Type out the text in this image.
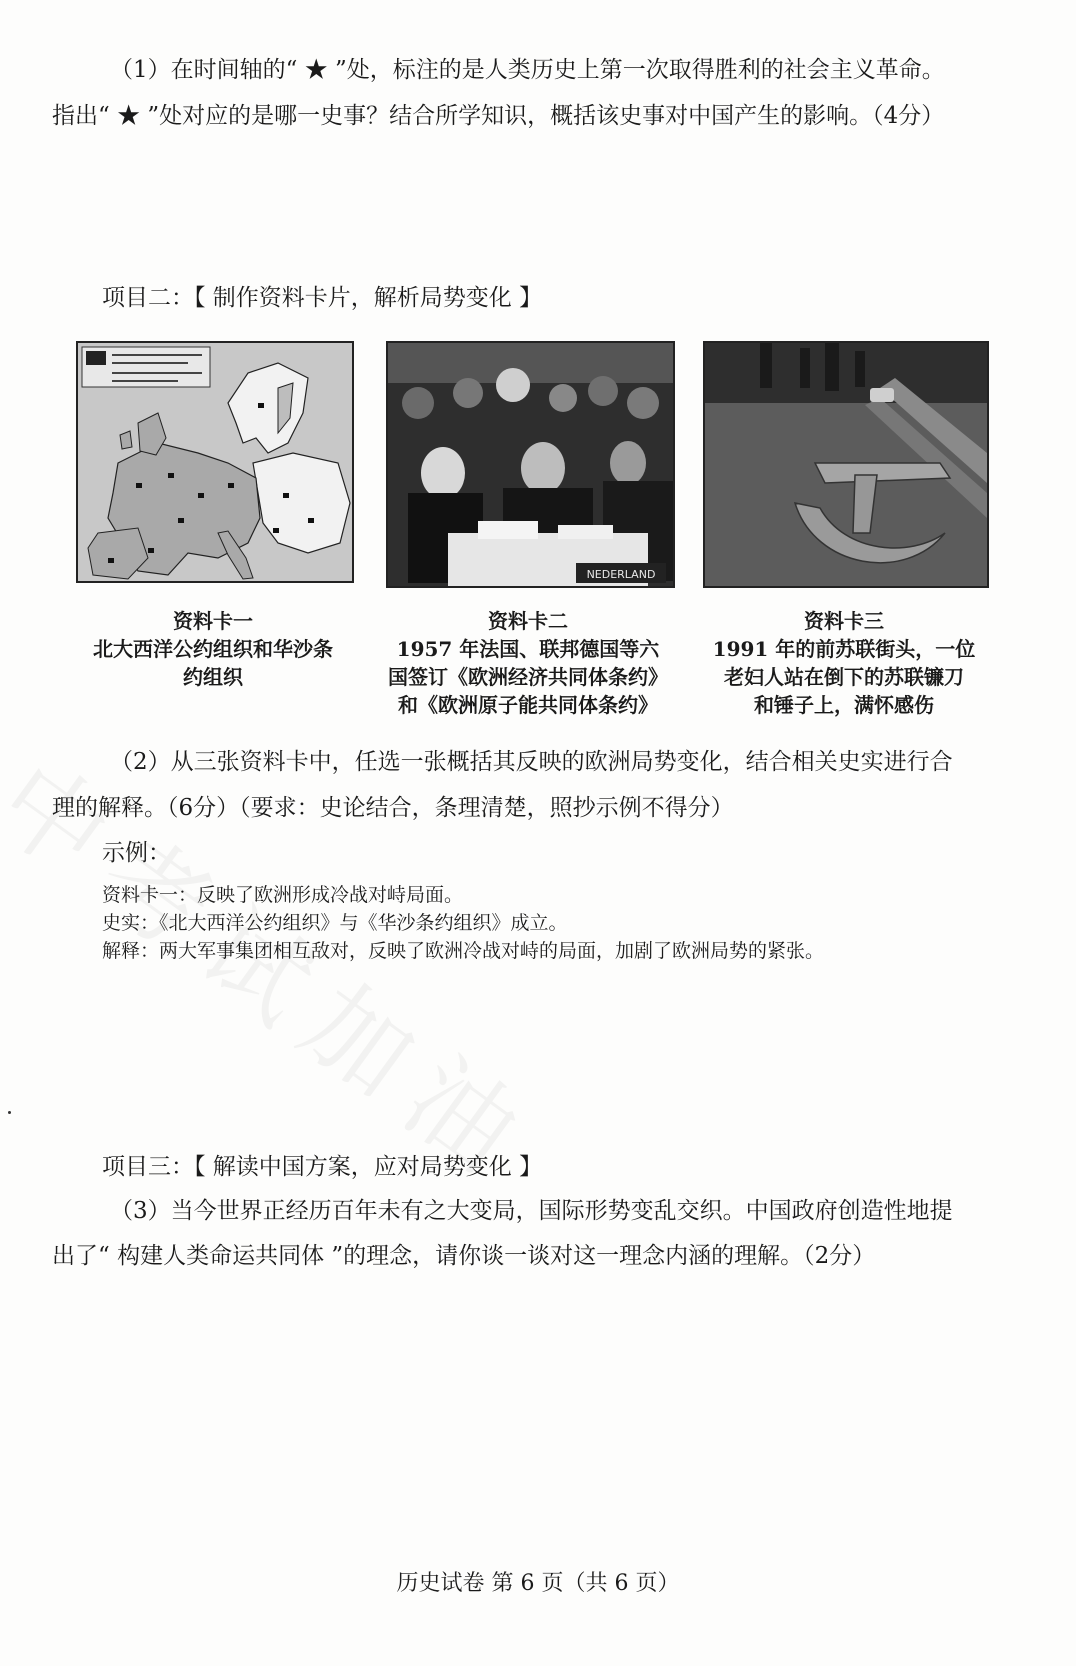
（1）在时间轴的“ ★ ”处，标注的是人类历史上第一次取得胜利的社会主义革命。
指出“ ★ ”处对应的是哪一史事？结合所学知识，概括该史事对中国产生的影响。（4分）
项目二：【 制作资料卡片，解析局势变化 】
NEDERLAND
资料卡一
北大西洋公约组织和华沙条
约组织
资料卡二
1957 年法国、联邦德国等六
国签订《欧洲经济共同体条约》
和《欧洲原子能共同体条约》
资料卡三
1991 年的前苏联街头，一位
老妇人站在倒下的苏联镰刀
和锤子上，满怀感伤
（2）从三张资料卡中，任选一张概括其反映的欧洲局势变化，结合相关史实进行合
理的解释。（6分）（要求：史论结合，条理清楚，照抄示例不得分）
示例：
资料卡一：反映了欧洲形成冷战对峙局面。
史实：《北大西洋公约组织》与《华沙条约组织》成立。
解释：两大军事集团相互敌对，反映了欧洲冷战对峙的局面，加剧了欧洲局势的紧张。
项目三：【 解读中国方案，应对局势变化 】
（3）当今世界正经历百年未有之大变局，国际形势变乱交织。中国政府创造性地提
出了“ 构建人类命运共同体 ”的理念，请你谈一谈对这一理念内涵的理解。（2分）
历史试卷 第 6 页（共 6 页）
